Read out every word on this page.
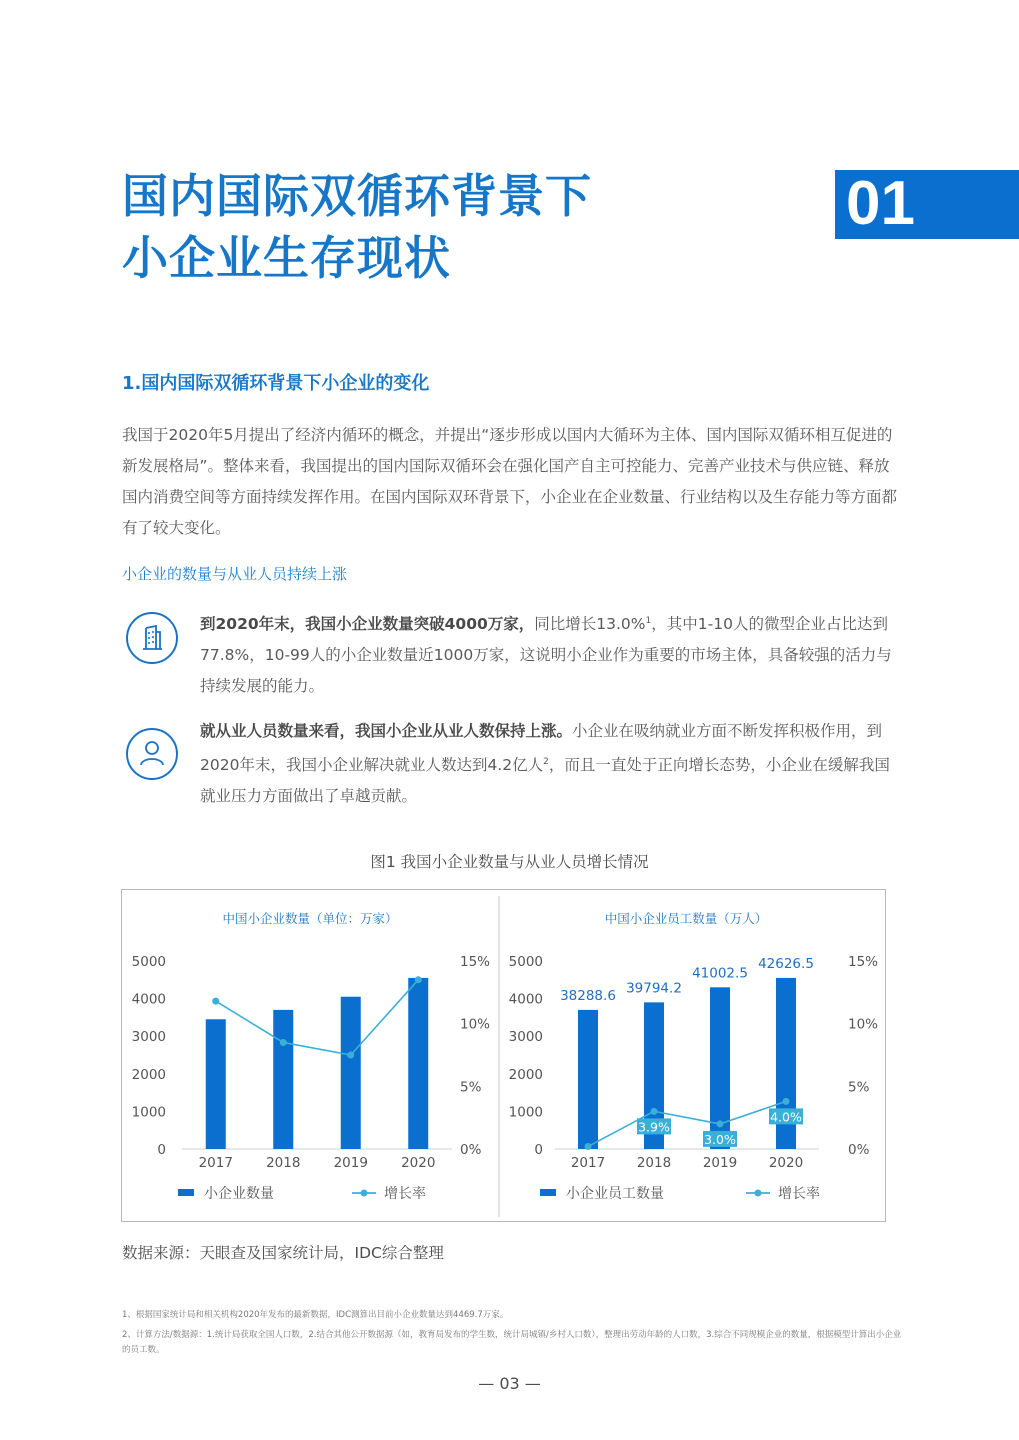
国内国际双循环背景下
小企业生存现状
01
1.国内国际双循环背景下小企业的变化
我国于2020年5月提出了经济内循环的概念，并提出“逐步形成以国内大循环为主体、国内国际双循环相互促进的新发展格局”。整体来看，我国提出的国内国际双循环会在强化国产自主可控能力、完善产业技术与供应链、释放国内消费空间等方面持续发挥作用。在国内国际双环背景下，小企业在企业数量、行业结构以及生存能力等方面都有了较大变化。
小企业的数量与从业人员持续上涨
到2020年末，我国小企业数量突破4000万家，同比增长13.0%$^1$，其中1-10人的微型企业占比达到77.8%，10-99人的小企业数量近1000万家，这说明小企业作为重要的市场主体，具备较强的活力与持续发展的能力。
就从业人员数量来看，我国小企业从业人数保持上涨。小企业在吸纳就业方面不断发挥积极作用，到2020年末，我国小企业解决就业人数达到4.2亿人$^2$，而且一直处于正向增长态势，小企业在缓解我国就业压力方面做出了卓越贡献。
图1 我国小企业数量与从业人员增长情况
中国小企业数量（单位：万家）
0
1000
2000
3000
4000
5000
0%
5%
10%
15%
2017 2018 2019 2020
小企业数量	增长率
中国小企业员工数量（万人）
0
1000
2000
3000
4000
5000
0%
5%
10%
15%
38288.6 39794.2
41002.5
42626.5
2017 2018 2019 2020
3.9%
3.0%
4.0%
小企业员工数量	增长率
数据来源：天眼查及国家统计局，IDC综合整理
1、根据国家统计局和相关机构2020年发布的最新数据，IDC测算出目前小企业数量达到4469.7万家。
2、计算方法/数据源：1.统计局获取全国人口数，2.结合其他公开数据源（如，教育局发布的学生数，统计局城镇/乡村人口数），整理出劳动年龄的人口数，3.综合不同规模企业的数量，根据模型计算出小企业的员工数。
— 03 —
